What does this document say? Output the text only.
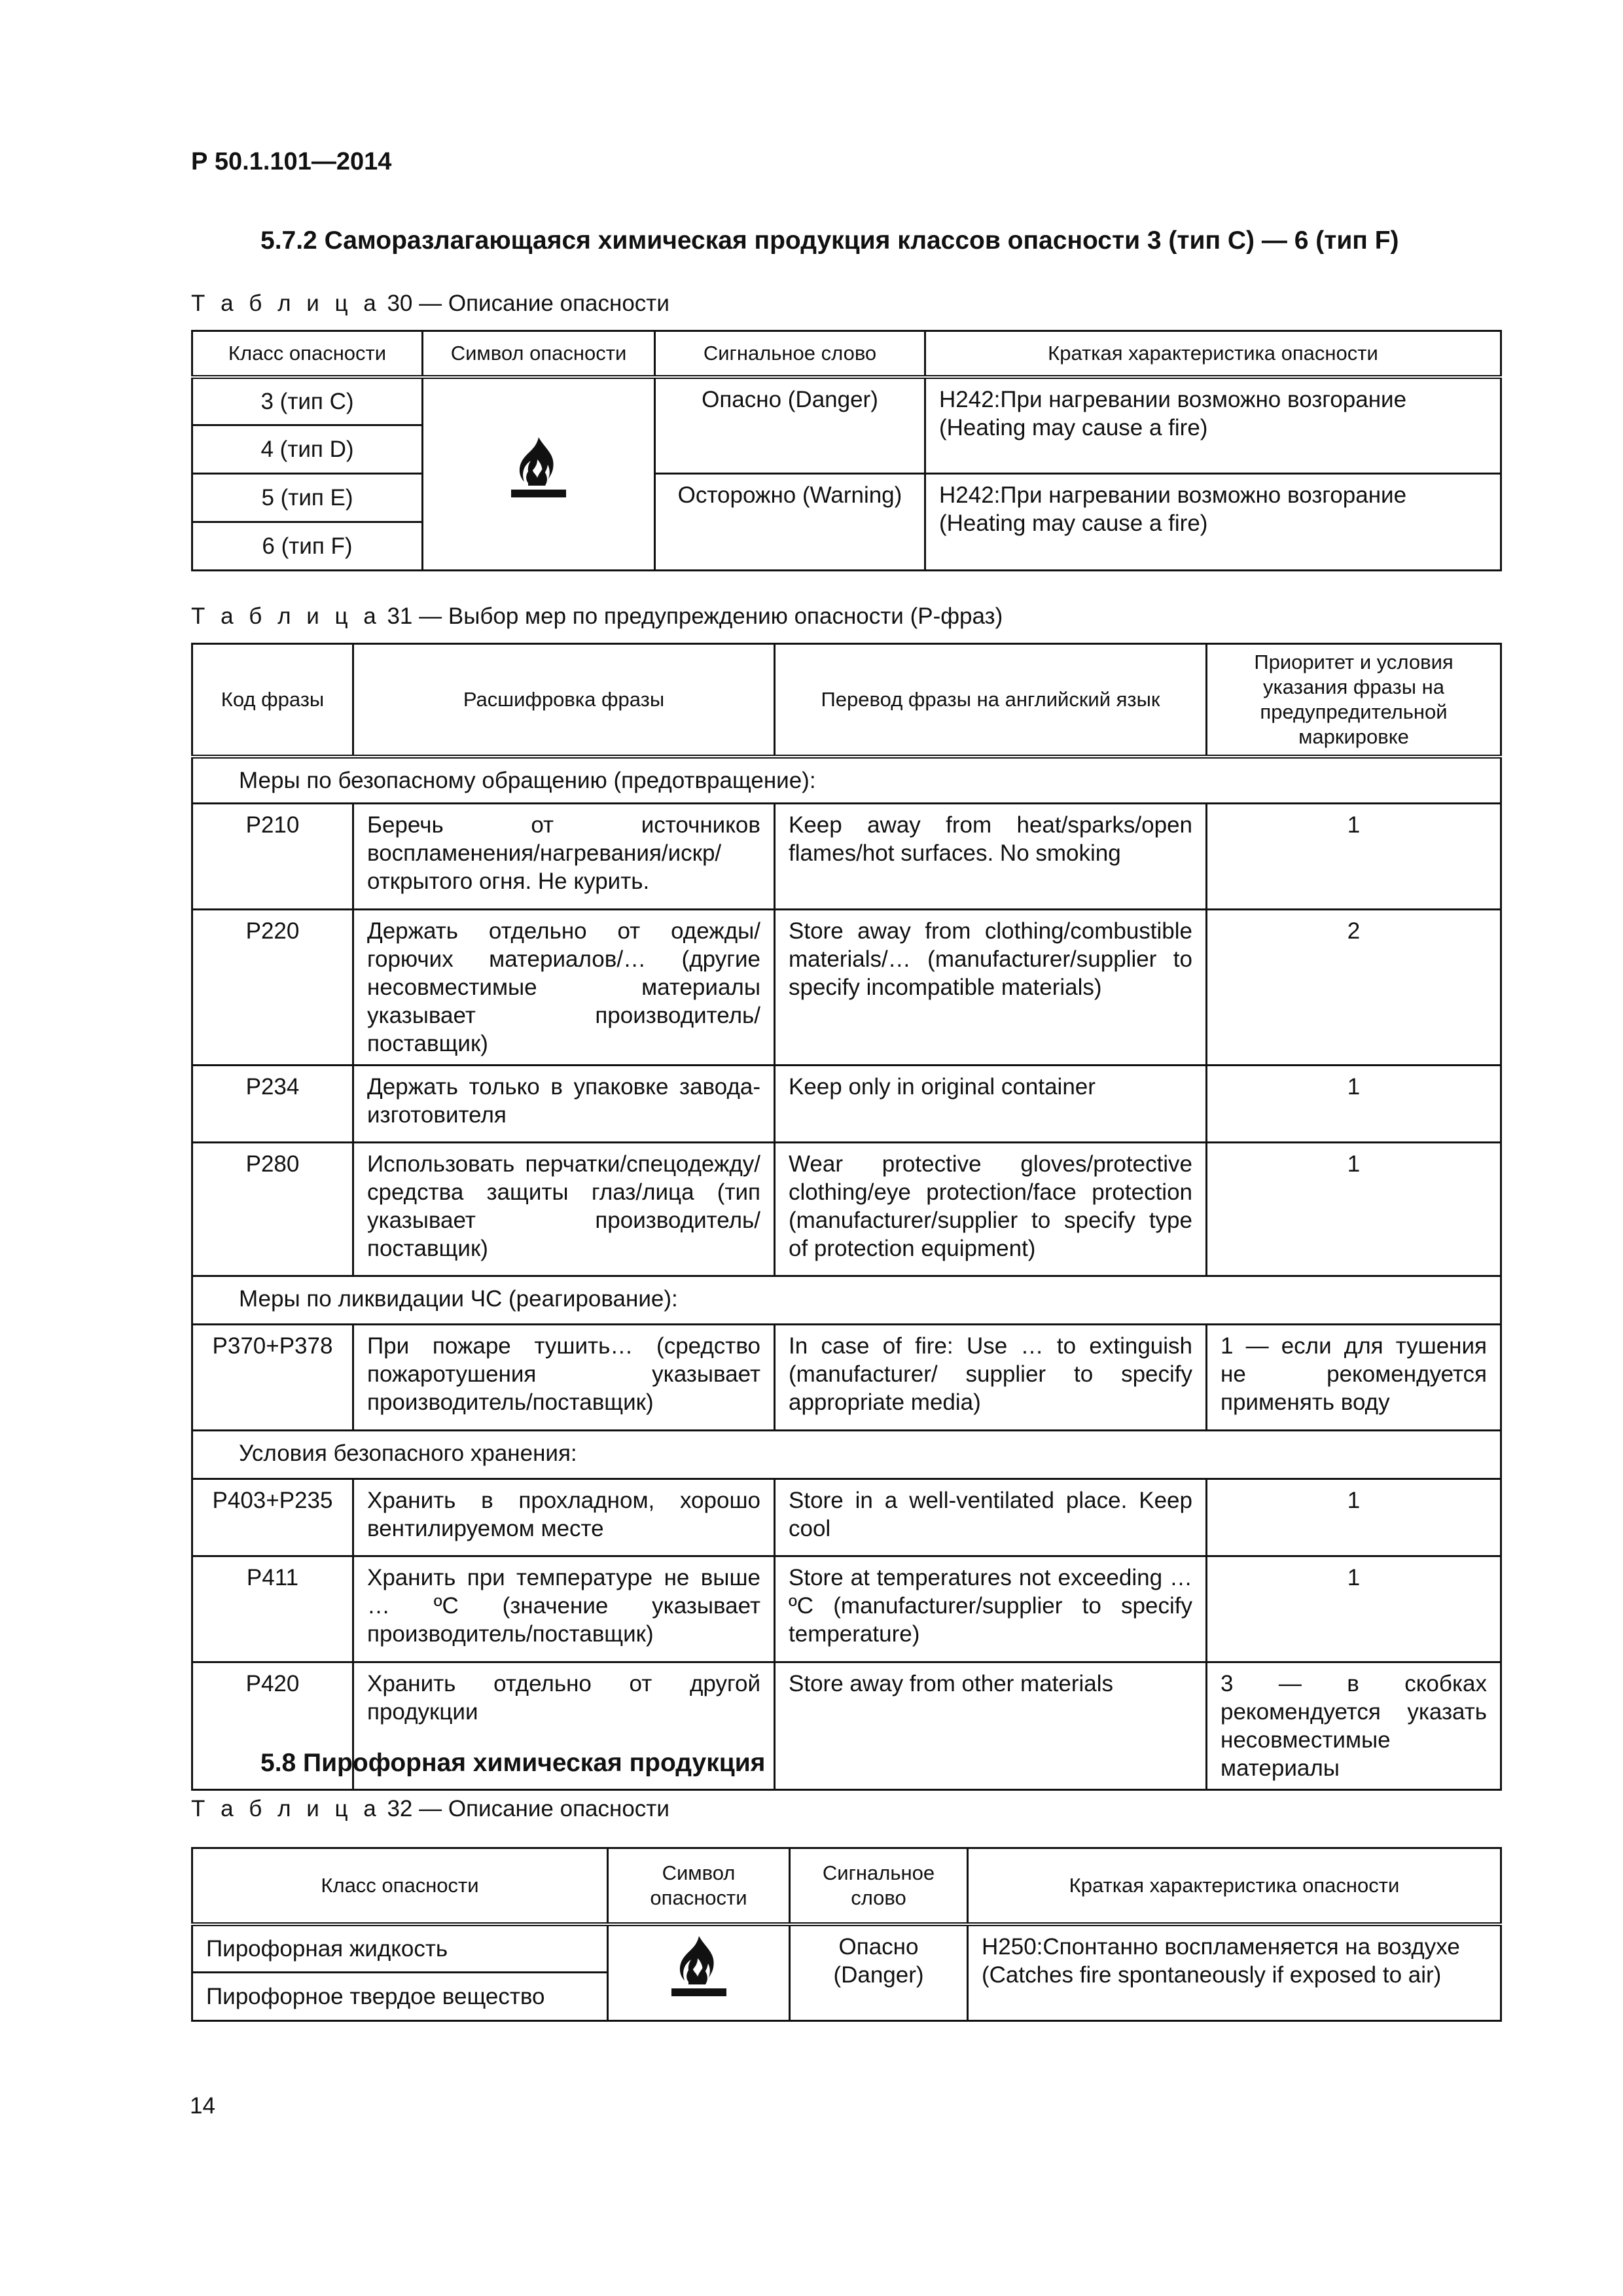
Р 50.1.101—2014
5.7.2 Саморазлагающаяся химическая продукция классов опасности 3 (тип С) — 6 (тип F)
Т а б л и ц а 30 — Описание опасности
Класс опасности	Символ опасности	Сигнальное слово	Краткая характеристика опасности
3 (тип С)		Опасно (Danger)	H242:При нагревании возможно возгорание (Heating may cause a fire)
4 (тип D)			
5 (тип E)		Осторожно (Warning)	H242:При нагревании возможно возгорание (Heating may cause a fire)
6 (тип F)			
Т а б л и ц а 31 — Выбор мер по предупреждению опасности (Р-фраз)
Код фразы	Расшифровка фразы	Перевод фразы на английский язык	Приоритет и условия указания фразы на предупредительной маркировке
Меры по безопасному обращению (предотвращение):			
P210	Беречь от источников воспламенения/нагревания/искр/открытого огня. Не курить.	Keep away from heat/sparks/open flames/hot surfaces. No smoking	1
P220	Держать отдельно от одежды/горючих материалов/… (другие несовместимые материалы указывает производитель/поставщик)	Store away from clothing/combustible materials/… (manufacturer/supplier to specify incompatible materials)	2
P234	Держать только в упаковке завода-изготовителя	Keep only in original container	1
P280	Использовать перчатки/спецодежду/средства защиты глаз/лица (тип указывает производитель/поставщик)	Wear protective gloves/protective clothing/eye protection/face protection (manufacturer/supplier to specify type of protection equipment)	1
Меры по ликвидации ЧС (реагирование):			
P370+P378	При пожаре тушить… (средство пожаротушения указывает производитель/поставщик)	In case of fire: Use … to extinguish (manufacturer/ supplier to specify appropriate media)	1 — если для тушения не рекомендуется применять воду
Условия безопасного хранения:			
P403+P235	Хранить в прохладном, хорошо вентилируемом месте	Store in a well-ventilated place. Keep cool	1
P411	Хранить при температуре не выше … ºС (значение указывает производитель/поставщик)	Store at temperatures not exceeding …ºC (manufacturer/supplier to specify temperature)	1
P420	Хранить отдельно от другой продукции	Store away from other materials	3 — в скобках рекомендуется указать несовместимые материалы
5.8 Пирофорная химическая продукция
Т а б л и ц а 32 — Описание опасности
Класс опасности	Символ опасности	Сигнальное слово	Краткая характеристика опасности
Пирофорная жидкость		Опасно (Danger)	H250:Спонтанно воспламеняется на воздухе (Catches fire spontaneously if exposed to air)
Пирофорное твердое вещество			
14
